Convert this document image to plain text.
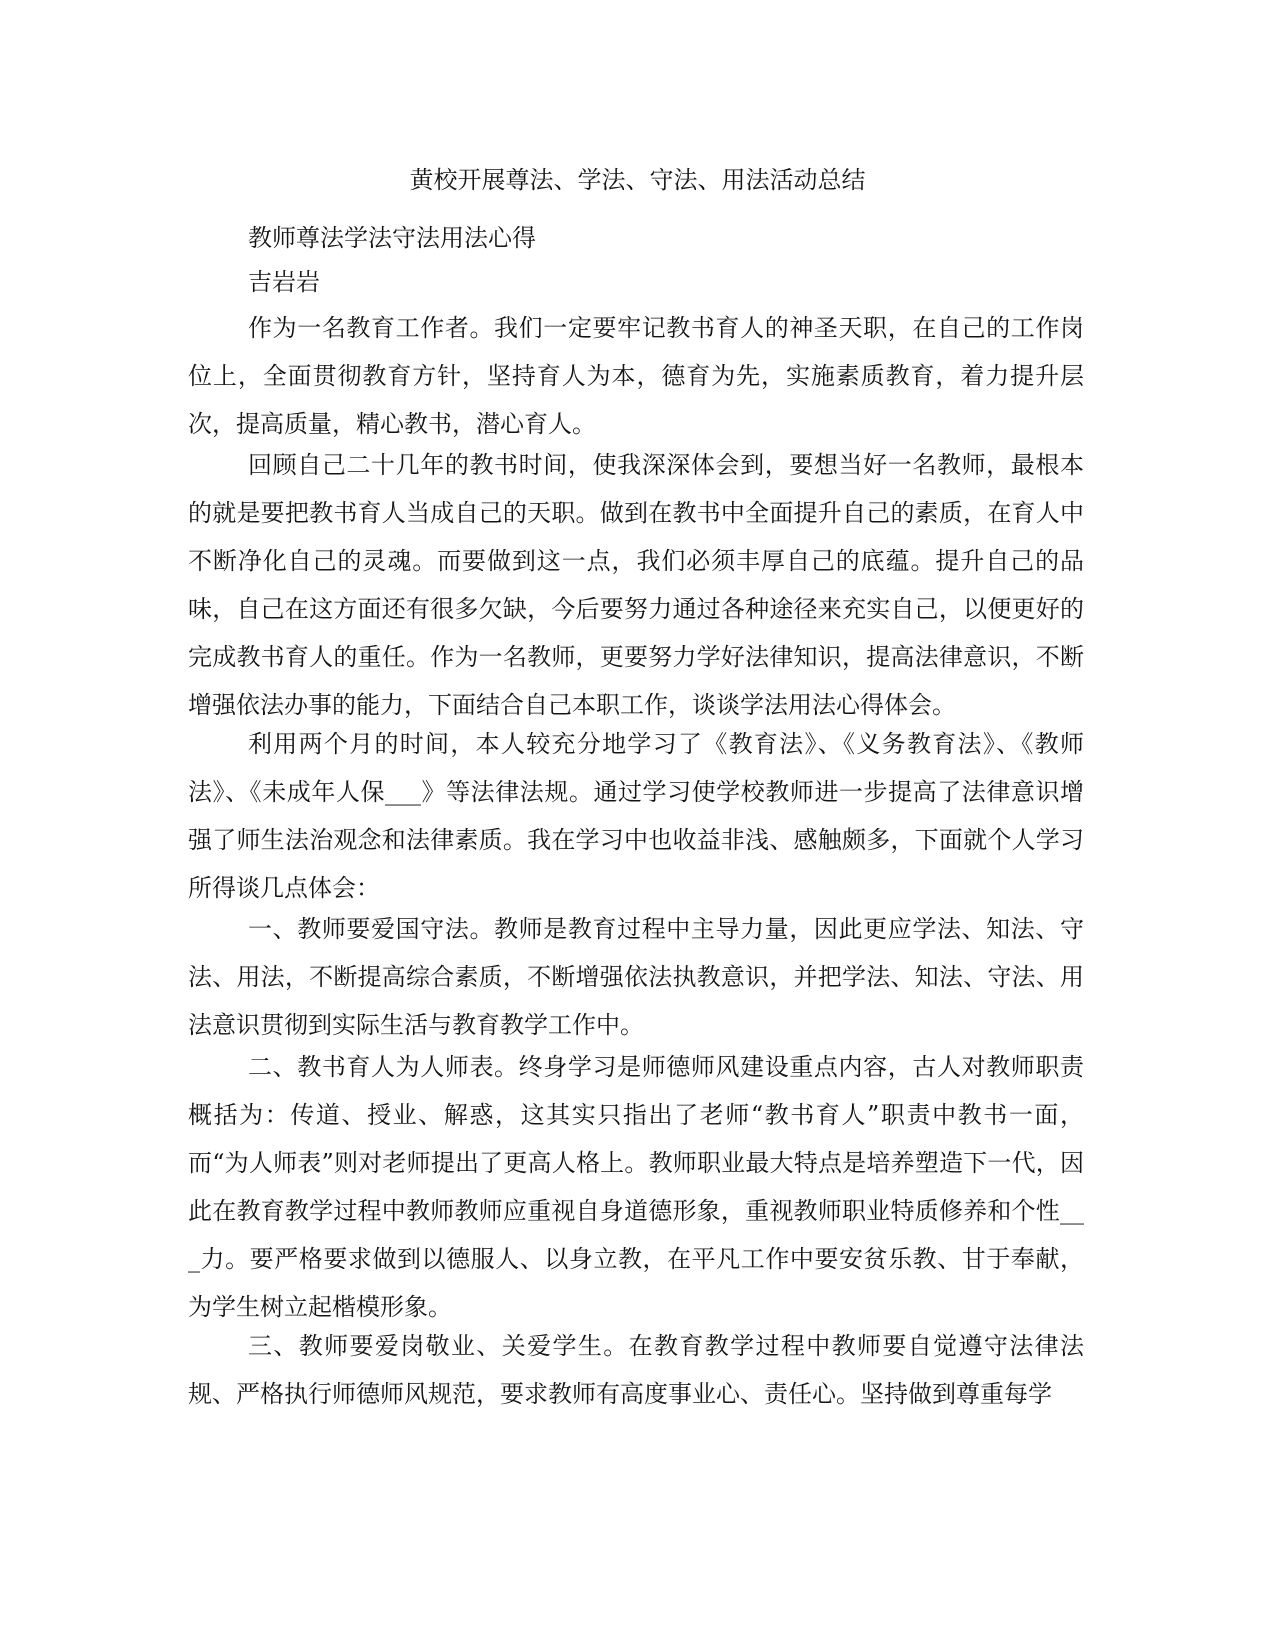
黄校开展尊法、学法、守法、用法活动总结
教师尊法学法守法用法心得
吉岩岩
作为一名教育工作者。我们一定要牢记教书育人的神圣天职，在自己的工作岗位上，全面贯彻教育方针，坚持育人为本，德育为先，实施素质教育，着力提升层次，提高质量，精心教书，潜心育人。
回顾自己二十几年的教书时间，使我深深体会到，要想当好一名教师，最根本的就是要把教书育人当成自己的天职。做到在教书中全面提升自己的素质，在育人中不断净化自己的灵魂。而要做到这一点，我们必须丰厚自己的底蕴。提升自己的品味，自己在这方面还有很多欠缺，今后要努力通过各种途径来充实自己，以便更好的完成教书育人的重任。作为一名教师，更要努力学好法律知识，提高法律意识，不断增强依法办事的能力，下面结合自己本职工作，谈谈学法用法心得体会。
利用两个月的时间，本人较充分地学习了《教育法》、《义务教育法》、《教师法》、《未成年人保___》等法律法规。通过学习使学校教师进一步提高了法律意识增强了师生法治观念和法律素质。我在学习中也收益非浅、感触颇多，下面就个人学习所得谈几点体会：
一、教师要爱国守法。教师是教育过程中主导力量，因此更应学法、知法、守法、用法，不断提高综合素质，不断增强依法执教意识，并把学法、知法、守法、用法意识贯彻到实际生活与教育教学工作中。
二、教书育人为人师表。终身学习是师德师风建设重点内容，古人对教师职责概括为：传道、授业、解惑，这其实只指出了老师“教书育人”职责中教书一面，而“为人师表”则对老师提出了更高人格上。教师职业最大特点是培养塑造下一代，因此在教育教学过程中教师教师应重视自身道德形象，重视教师职业特质修养和个性___力。要严格要求做到以德服人、以身立教，在平凡工作中要安贫乐教、甘于奉献，为学生树立起楷模形象。
三、教师要爱岗敬业、关爱学生。在教育教学过程中教师要自觉遵守法律法规、严格执行师德师风规范，要求教师有高度事业心、责任心。坚持做到尊重每学
